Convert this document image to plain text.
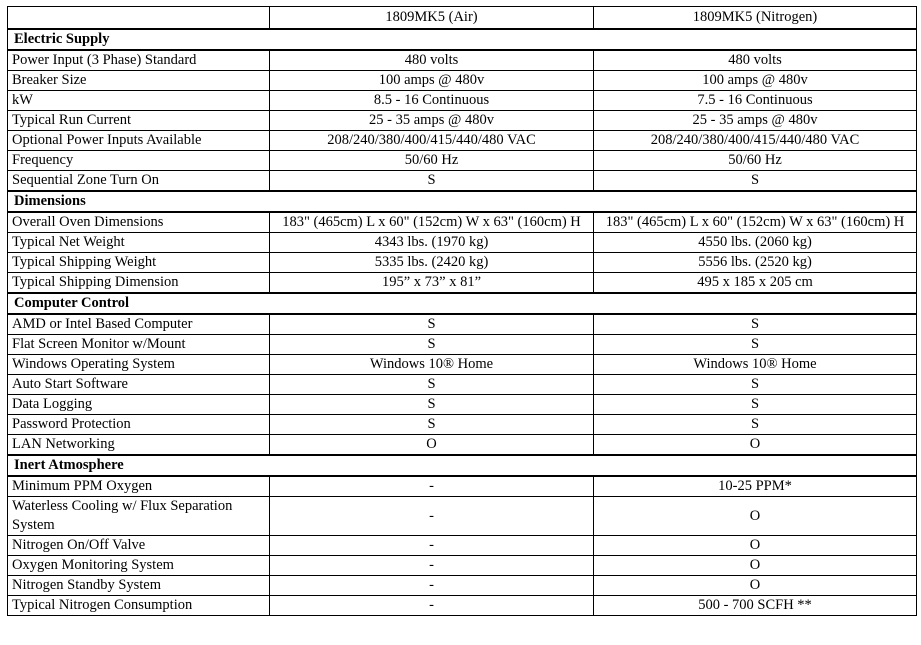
	1809MK5 (Air)	1809MK5 (Nitrogen)
Electric Supply		
Power Input (3 Phase) Standard	480 volts	480 volts
Breaker Size	100 amps @ 480v	100 amps @ 480v
kW	8.5 - 16 Continuous	7.5 - 16 Continuous
Typical Run Current	25 - 35 amps @ 480v	25 - 35 amps @ 480v
Optional Power Inputs Available	208/240/380/400/415/440/480 VAC	208/240/380/400/415/440/480 VAC
Frequency	50/60 Hz	50/60 Hz
Sequential Zone Turn On	S	S
Dimensions		
Overall Oven Dimensions	183" (465cm) L x 60" (152cm) W x 63" (160cm) H	183" (465cm) L x 60" (152cm) W x 63" (160cm) H
Typical Net Weight	4343 lbs. (1970 kg)	4550 lbs. (2060 kg)
Typical Shipping Weight	5335 lbs. (2420 kg)	5556 lbs. (2520 kg)
Typical Shipping Dimension	195” x 73” x 81”	495 x 185 x 205 cm
Computer Control		
AMD or Intel Based Computer	S	S
Flat Screen Monitor w/Mount	S	S
Windows Operating System	Windows 10® Home	Windows 10® Home
Auto Start Software	S	S
Data Logging	S	S
Password Protection	S	S
LAN Networking	O	O
Inert Atmosphere		
Minimum PPM Oxygen	-	10-25 PPM*
Waterless Cooling w/ Flux Separation System	-	O
Nitrogen On/Off Valve	-	O
Oxygen Monitoring System	-	O
Nitrogen Standby System	-	O
Typical Nitrogen Consumption	-	500 - 700 SCFH **
